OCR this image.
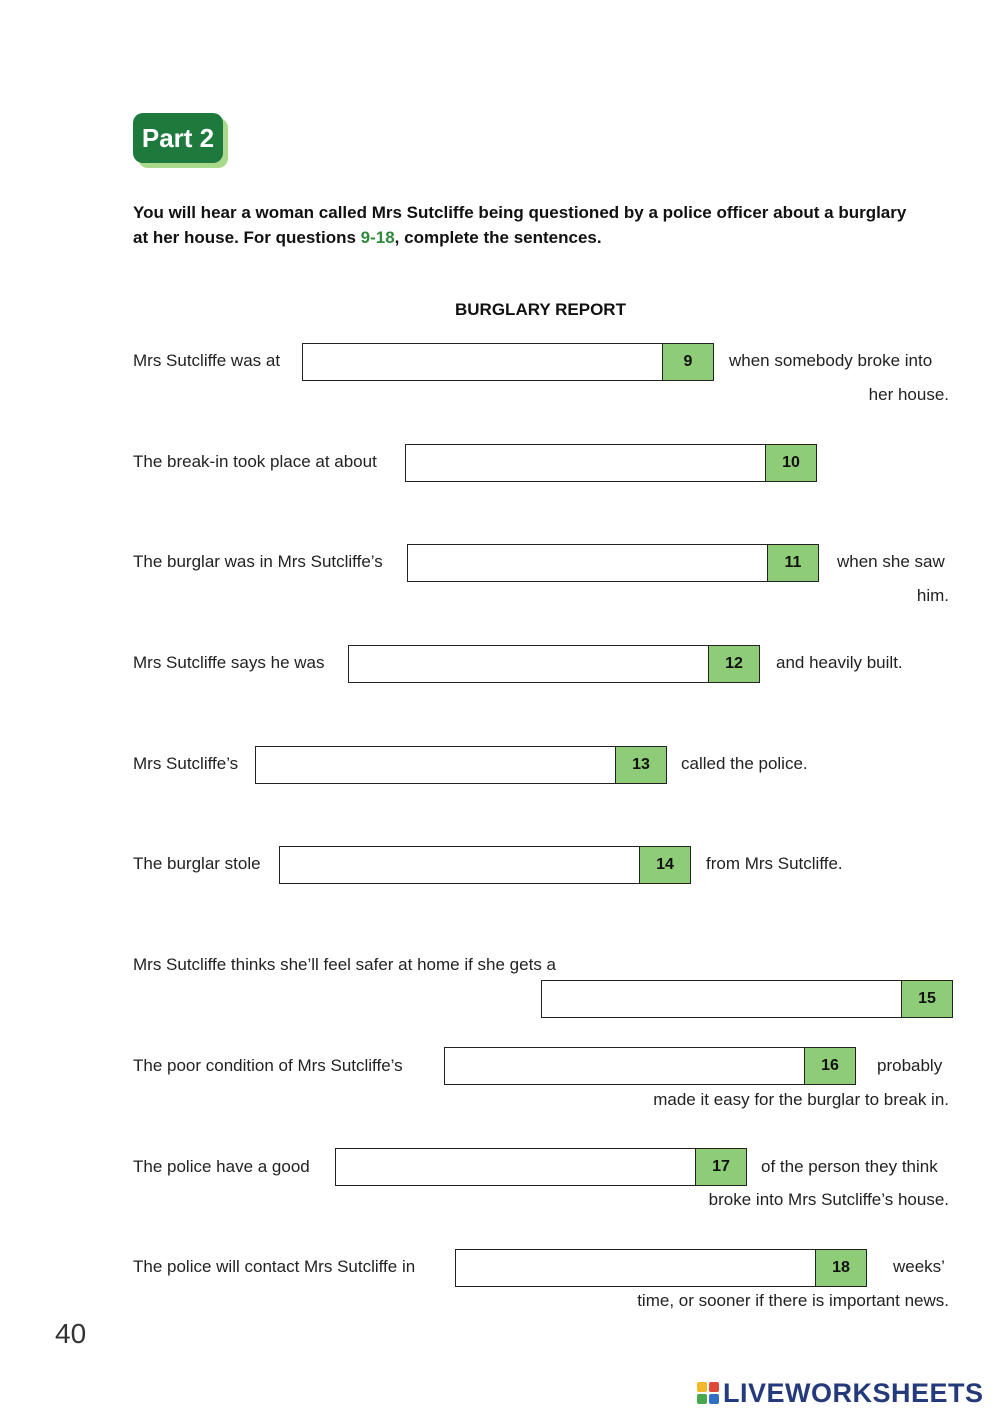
Part 2
You will hear a woman called Mrs Sutcliffe being questioned by a police officer about a burglary
at her house. For questions 9-18, complete the sentences.
BURGLARY REPORT
Mrs Sutcliffe was at	9	when somebody broke into
her house.
The break-in took place at about	10
The burglar was in Mrs Sutcliffe’s	11	when she saw
him.
Mrs Sutcliffe says he was	12	and heavily built.
Mrs Sutcliffe’s	13	called the police.
The burglar stole	14	from Mrs Sutcliffe.
Mrs Sutcliffe thinks she’ll feel safer at home if she gets a
15
The poor condition of Mrs Sutcliffe’s	16	probably
made it easy for the burglar to break in.
The police have a good	17	of the person they think
broke into Mrs Sutcliffe’s house.
The police will contact Mrs Sutcliffe in	18	weeks’
time, or sooner if there is important news.
40
LIVEWORKSHEETS
